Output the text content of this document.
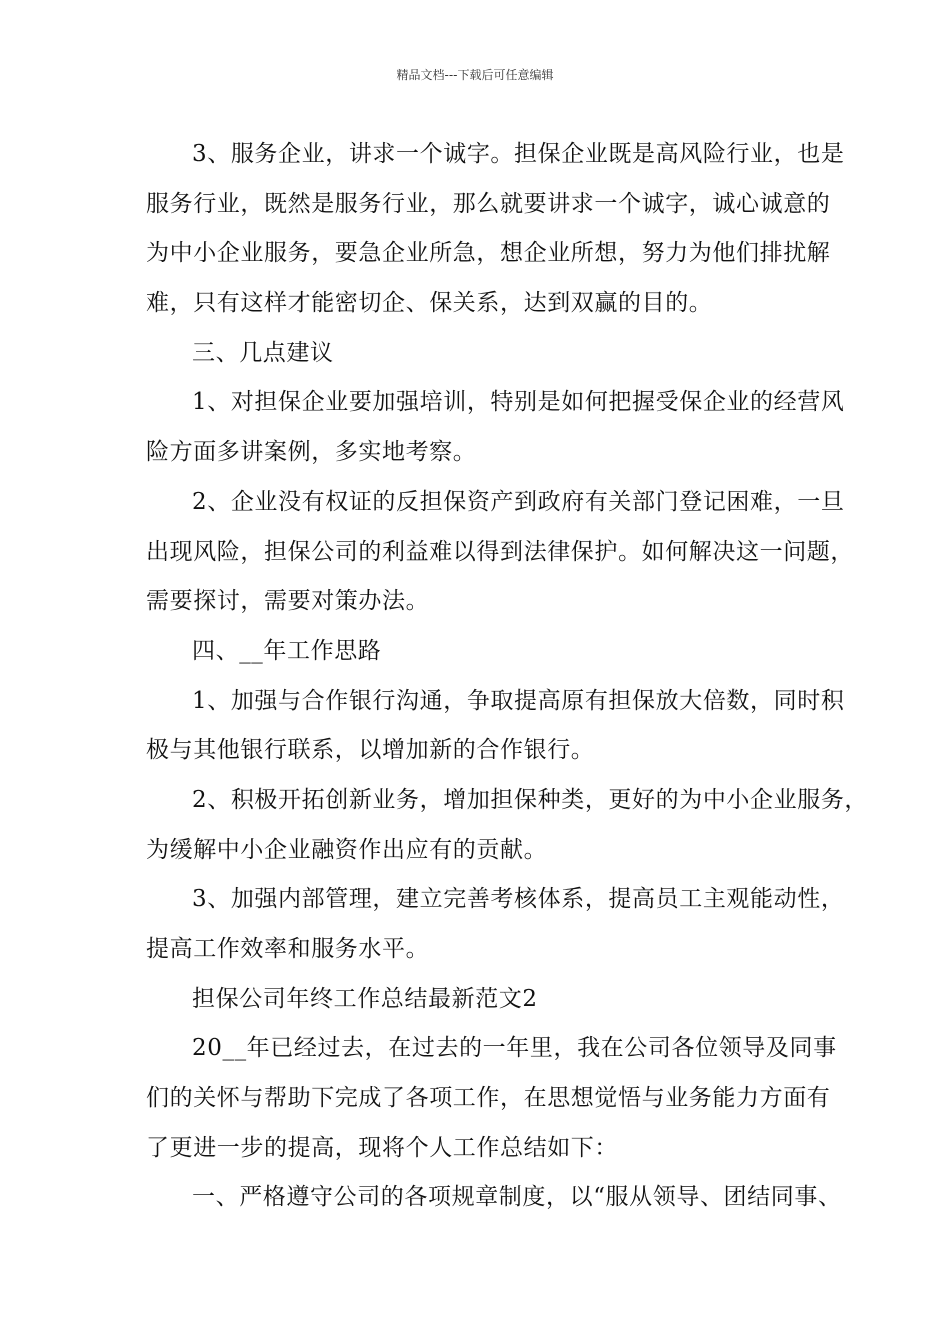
精品文档---下载后可任意编辑
3、服务企业，讲求一个诚字。担保企业既是高风险行业，也是
服务行业，既然是服务行业，那么就要讲求一个诚字，诚心诚意的
为中小企业服务，要急企业所急，想企业所想，努力为他们排扰解
难，只有这样才能密切企、保关系，达到双赢的目的。
三、几点建议
1、对担保企业要加强培训，特别是如何把握受保企业的经营风
险方面多讲案例，多实地考察。
2、企业没有权证的反担保资产到政府有关部门登记困难，一旦
出现风险，担保公司的利益难以得到法律保护。如何解决这一问题，
需要探讨，需要对策办法。
四、__年工作思路
1、加强与合作银行沟通，争取提高原有担保放大倍数，同时积
极与其他银行联系，以增加新的合作银行。
2、积极开拓创新业务，增加担保种类，更好的为中小企业服务，
为缓解中小企业融资作出应有的贡献。
3、加强内部管理，建立完善考核体系，提高员工主观能动性，
提高工作效率和服务水平。
担保公司年终工作总结最新范文2
20__年已经过去，在过去的一年里，我在公司各位领导及同事
们的关怀与帮助下完成了各项工作，在思想觉悟与业务能力方面有
了更进一步的提高，现将个人工作总结如下：
一、严格遵守公司的各项规章制度，以“服从领导、团结同事、
